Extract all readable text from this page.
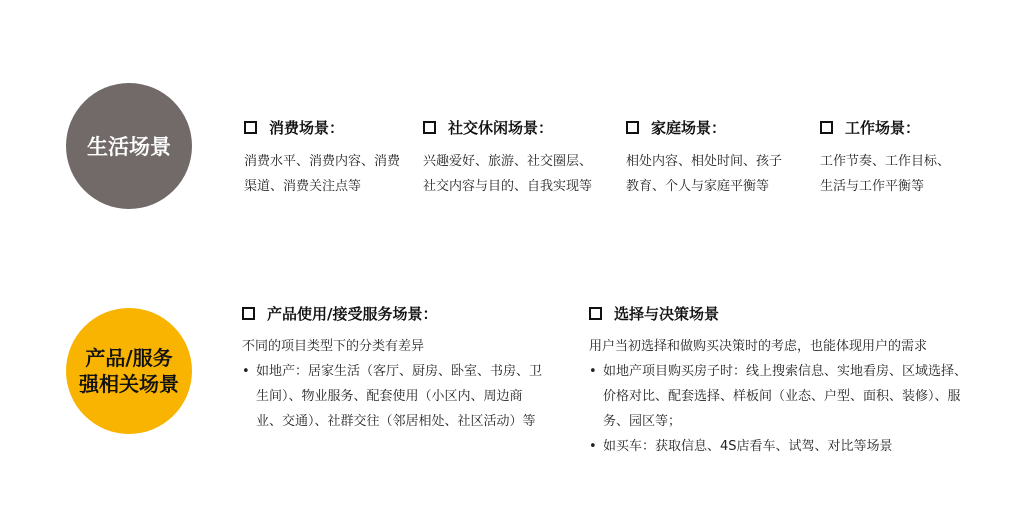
生活场景
消费场景：
消费水平、消费内容、消费渠道、消费关注点等
社交休闲场景：
兴趣爱好、旅游、社交圈层、社交内容与目的、自我实现等
家庭场景：
相处内容、相处时间、孩子教育、个人与家庭平衡等
工作场景：
工作节奏、工作目标、生活与工作平衡等
产品/服务
强相关场景
产品使用/接受服务场景：
不同的项目类型下的分类有差异
• 如地产：居家生活（客厅、厨房、卧室、书房、卫生间）、物业服务、配套使用（小区内、周边商业、交通）、社群交往（邻居相处、社区活动）等
选择与决策场景
用户当初选择和做购买决策时的考虑，也能体现用户的需求
• 如地产项目购买房子时：线上搜索信息、实地看房、区域选择、价格对比、配套选择、样板间（业态、户型、面积、装修）、服务、园区等；
• 如买车：获取信息、4S店看车、试驾、对比等场景
